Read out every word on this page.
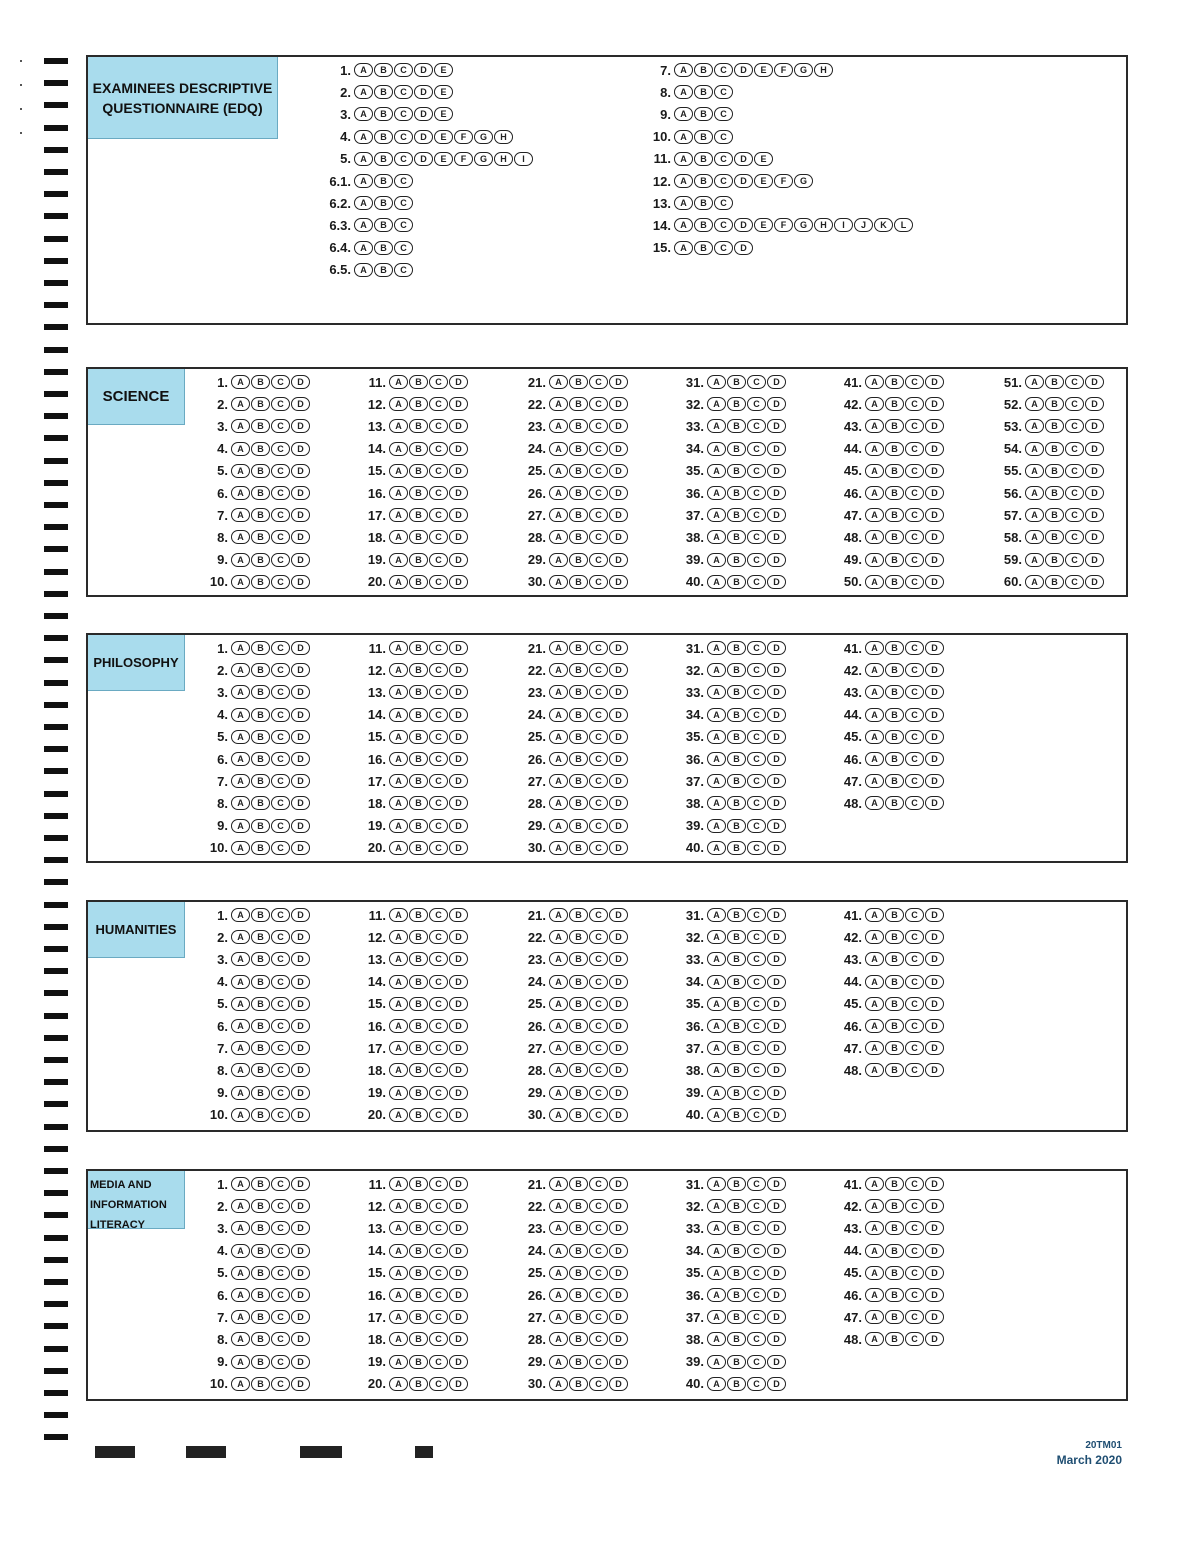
EXAMINEES DESCRIPTIVE QUESTIONNAIRE (EDQ)
1.	A	B	C	D	E
2.	A	B	C	D	E
3.	A	B	C	D	E
4.	A	B	C	D	E	F	G	H
5.	A	B	C	D	E	F	G	H	I
6.1.	A	B	C
6.2.	A	B	C
6.3.	A	B	C
6.4.	A	B	C
6.5.	A	B	C
7.	A	B	C	D	E	F	G	H
8.	A	B	C
9.	A	B	C
10.	A	B	C
11.	A	B	C	D	E
12.	A	B	C	D	E	F	G
13.	A	B	C
14.	A	B	C	D	E	F	G	H	I	J	K	L
15.	A	B	C	D
SCIENCE
1.	A	B	C	D
2.	A	B	C	D
3.	A	B	C	D
4.	A	B	C	D
5.	A	B	C	D
6.	A	B	C	D
7.	A	B	C	D
8.	A	B	C	D
9.	A	B	C	D
10.	A	B	C	D
11.	A	B	C	D
12.	A	B	C	D
13.	A	B	C	D
14.	A	B	C	D
15.	A	B	C	D
16.	A	B	C	D
17.	A	B	C	D
18.	A	B	C	D
19.	A	B	C	D
20.	A	B	C	D
21.	A	B	C	D
22.	A	B	C	D
23.	A	B	C	D
24.	A	B	C	D
25.	A	B	C	D
26.	A	B	C	D
27.	A	B	C	D
28.	A	B	C	D
29.	A	B	C	D
30.	A	B	C	D
31.	A	B	C	D
32.	A	B	C	D
33.	A	B	C	D
34.	A	B	C	D
35.	A	B	C	D
36.	A	B	C	D
37.	A	B	C	D
38.	A	B	C	D
39.	A	B	C	D
40.	A	B	C	D
41.	A	B	C	D
42.	A	B	C	D
43.	A	B	C	D
44.	A	B	C	D
45.	A	B	C	D
46.	A	B	C	D
47.	A	B	C	D
48.	A	B	C	D
49.	A	B	C	D
50.	A	B	C	D
51.	A	B	C	D
52.	A	B	C	D
53.	A	B	C	D
54.	A	B	C	D
55.	A	B	C	D
56.	A	B	C	D
57.	A	B	C	D
58.	A	B	C	D
59.	A	B	C	D
60.	A	B	C	D
PHILOSOPHY
1.	A	B	C	D
2.	A	B	C	D
3.	A	B	C	D
4.	A	B	C	D
5.	A	B	C	D
6.	A	B	C	D
7.	A	B	C	D
8.	A	B	C	D
9.	A	B	C	D
10.	A	B	C	D
11.	A	B	C	D
12.	A	B	C	D
13.	A	B	C	D
14.	A	B	C	D
15.	A	B	C	D
16.	A	B	C	D
17.	A	B	C	D
18.	A	B	C	D
19.	A	B	C	D
20.	A	B	C	D
21.	A	B	C	D
22.	A	B	C	D
23.	A	B	C	D
24.	A	B	C	D
25.	A	B	C	D
26.	A	B	C	D
27.	A	B	C	D
28.	A	B	C	D
29.	A	B	C	D
30.	A	B	C	D
31.	A	B	C	D
32.	A	B	C	D
33.	A	B	C	D
34.	A	B	C	D
35.	A	B	C	D
36.	A	B	C	D
37.	A	B	C	D
38.	A	B	C	D
39.	A	B	C	D
40.	A	B	C	D
41.	A	B	C	D
42.	A	B	C	D
43.	A	B	C	D
44.	A	B	C	D
45.	A	B	C	D
46.	A	B	C	D
47.	A	B	C	D
48.	A	B	C	D
HUMANITIES
1.	A	B	C	D
2.	A	B	C	D
3.	A	B	C	D
4.	A	B	C	D
5.	A	B	C	D
6.	A	B	C	D
7.	A	B	C	D
8.	A	B	C	D
9.	A	B	C	D
10.	A	B	C	D
11.	A	B	C	D
12.	A	B	C	D
13.	A	B	C	D
14.	A	B	C	D
15.	A	B	C	D
16.	A	B	C	D
17.	A	B	C	D
18.	A	B	C	D
19.	A	B	C	D
20.	A	B	C	D
21.	A	B	C	D
22.	A	B	C	D
23.	A	B	C	D
24.	A	B	C	D
25.	A	B	C	D
26.	A	B	C	D
27.	A	B	C	D
28.	A	B	C	D
29.	A	B	C	D
30.	A	B	C	D
31.	A	B	C	D
32.	A	B	C	D
33.	A	B	C	D
34.	A	B	C	D
35.	A	B	C	D
36.	A	B	C	D
37.	A	B	C	D
38.	A	B	C	D
39.	A	B	C	D
40.	A	B	C	D
41.	A	B	C	D
42.	A	B	C	D
43.	A	B	C	D
44.	A	B	C	D
45.	A	B	C	D
46.	A	B	C	D
47.	A	B	C	D
48.	A	B	C	D
MEDIA AND INFORMATION LITERACY
1.	A	B	C	D
2.	A	B	C	D
3.	A	B	C	D
4.	A	B	C	D
5.	A	B	C	D
6.	A	B	C	D
7.	A	B	C	D
8.	A	B	C	D
9.	A	B	C	D
10.	A	B	C	D
11.	A	B	C	D
12.	A	B	C	D
13.	A	B	C	D
14.	A	B	C	D
15.	A	B	C	D
16.	A	B	C	D
17.	A	B	C	D
18.	A	B	C	D
19.	A	B	C	D
20.	A	B	C	D
21.	A	B	C	D
22.	A	B	C	D
23.	A	B	C	D
24.	A	B	C	D
25.	A	B	C	D
26.	A	B	C	D
27.	A	B	C	D
28.	A	B	C	D
29.	A	B	C	D
30.	A	B	C	D
31.	A	B	C	D
32.	A	B	C	D
33.	A	B	C	D
34.	A	B	C	D
35.	A	B	C	D
36.	A	B	C	D
37.	A	B	C	D
38.	A	B	C	D
39.	A	B	C	D
40.	A	B	C	D
41.	A	B	C	D
42.	A	B	C	D
43.	A	B	C	D
44.	A	B	C	D
45.	A	B	C	D
46.	A	B	C	D
47.	A	B	C	D
48.	A	B	C	D
20TM01
March 2020
